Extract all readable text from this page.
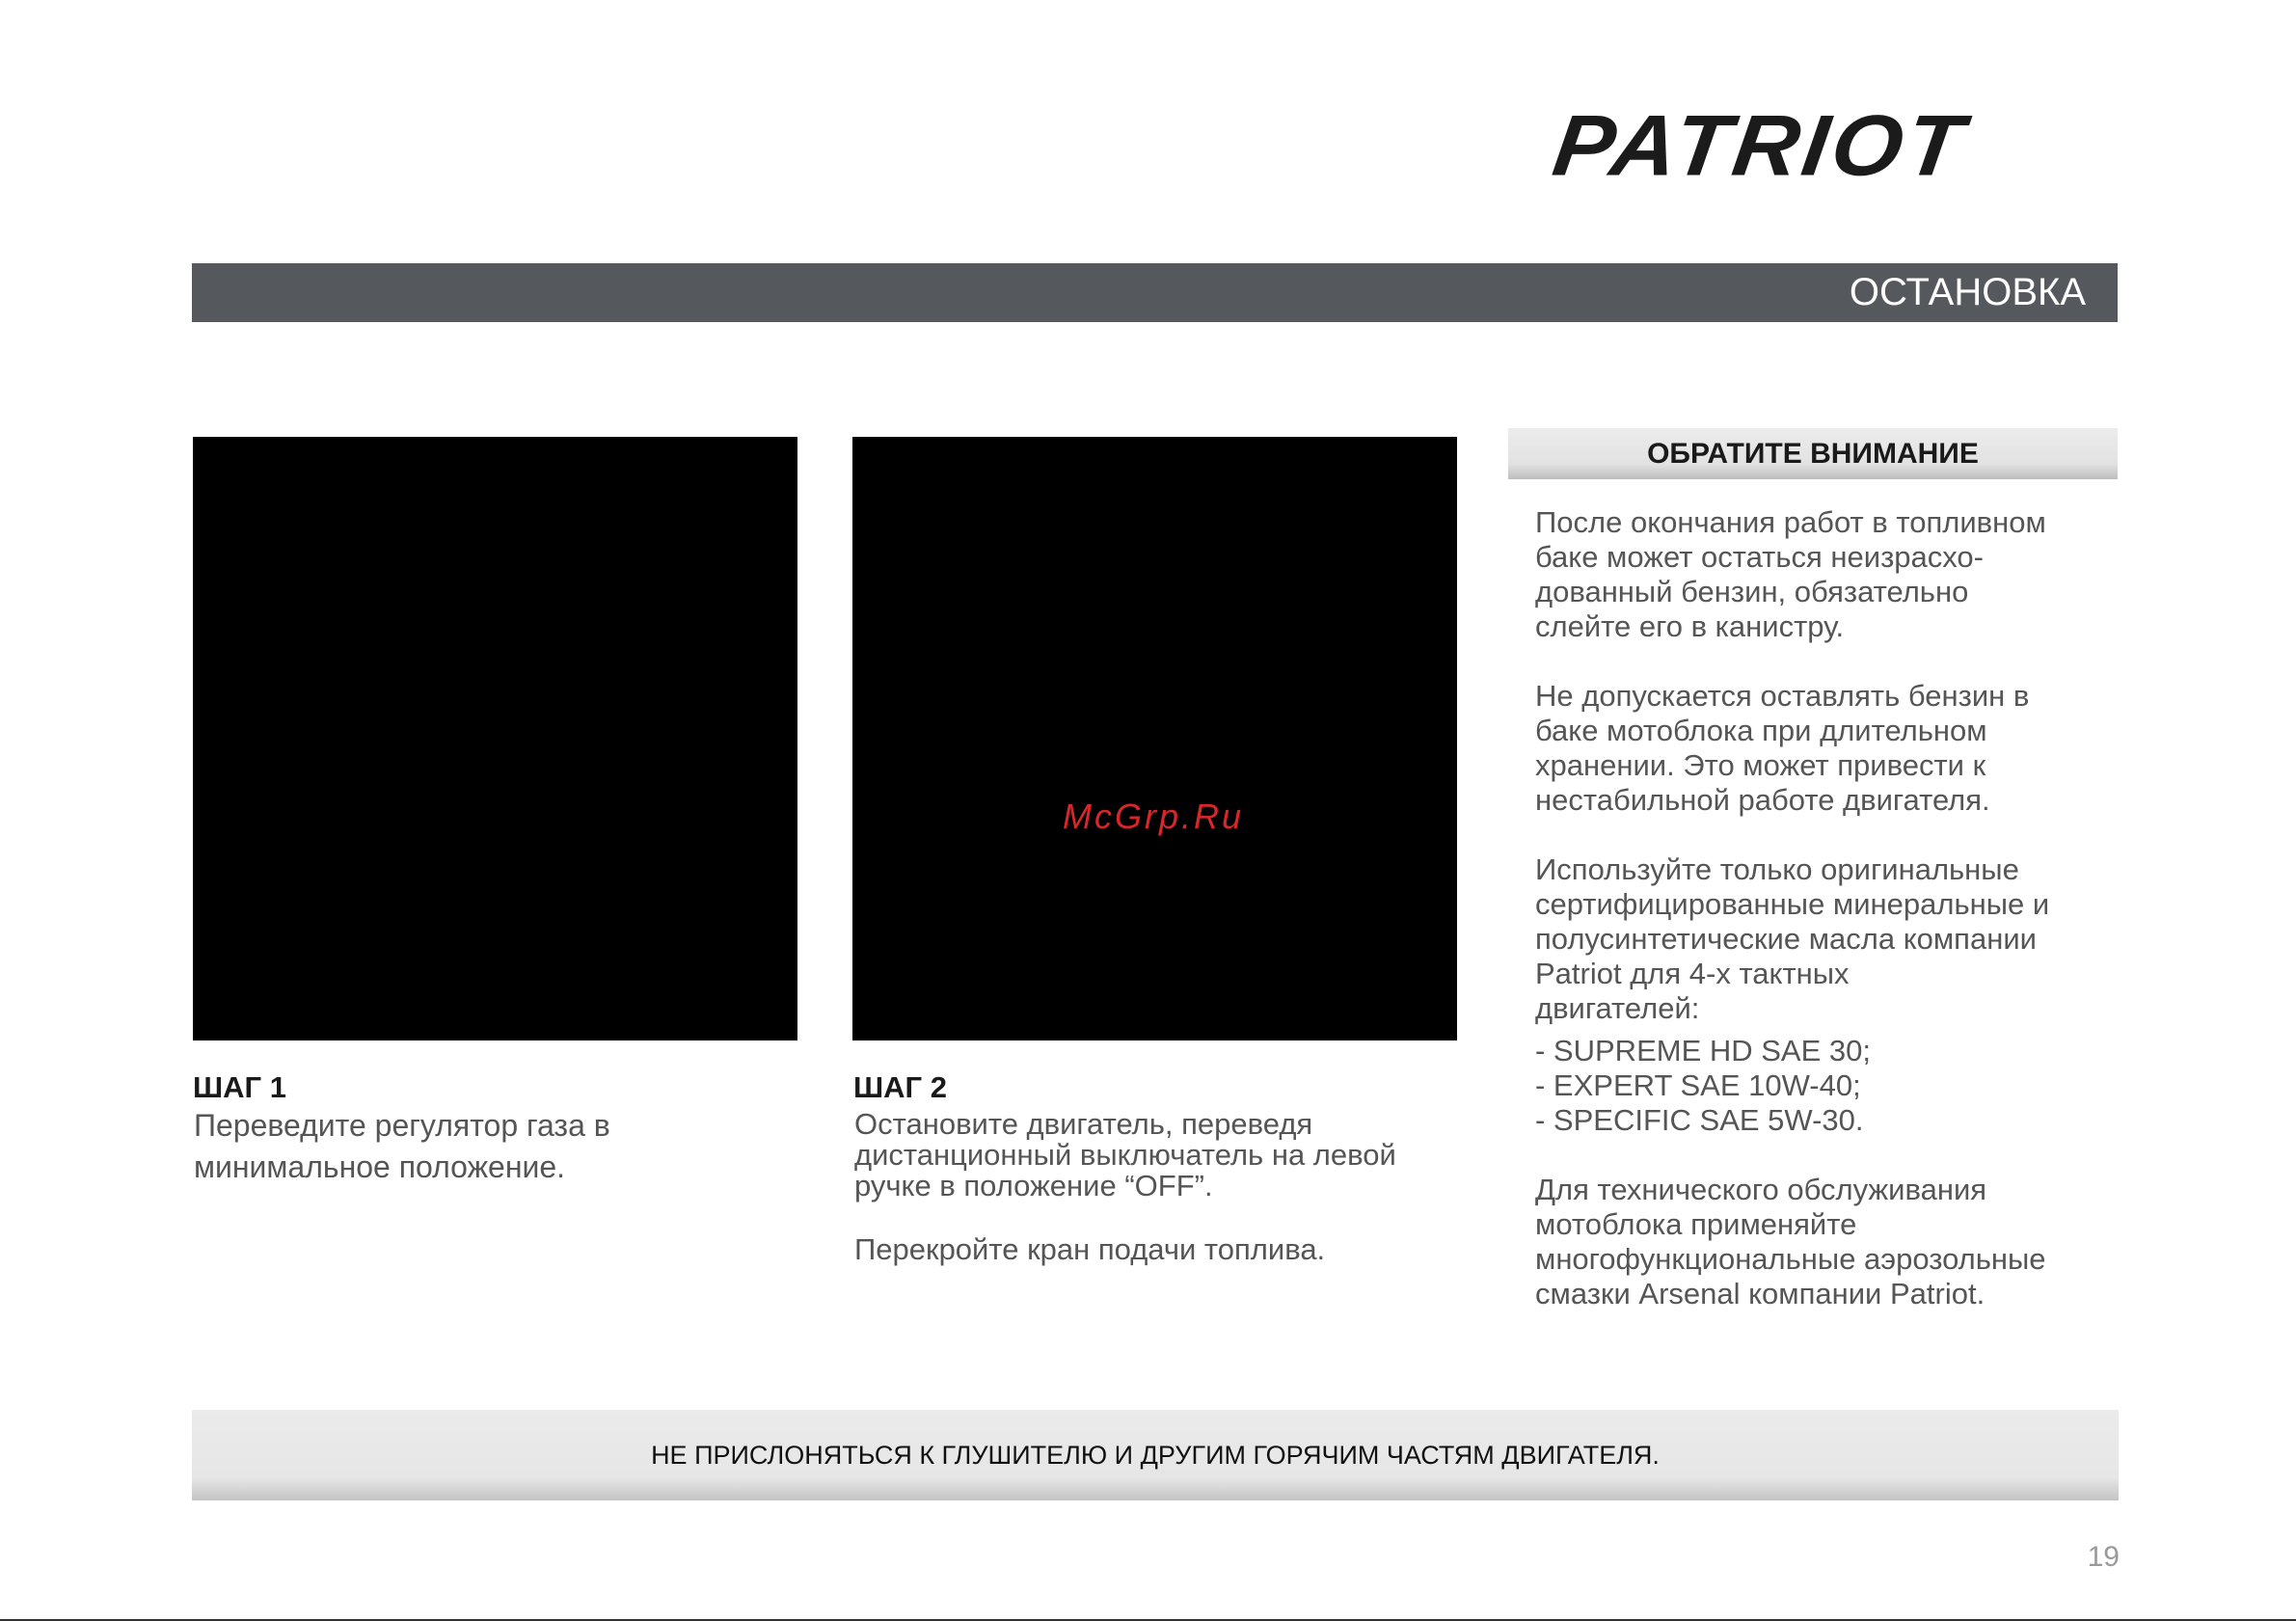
PATRIOT
ОСТАНОВКА
McGrp.Ru
ШАГ 1
Переведите регулятор газа в
минимальное положение.
ШАГ 2
Остановите двигатель, переведя
дистанционный выключатель на левой
ручке в положение “OFF”.
Перекройте кран подачи топлива.
ОБРАТИТЕ ВНИМАНИЕ

После окончания работ в топливном
баке может остаться неизрасхо-
дованный бензин, обязательно
слейте его в канистру.

Не допускается оставлять бензин в
баке мотоблока при длительном
хранении. Это может привести к
нестабильной работе двигателя.

Используйте только оригинальные
сертифицированные минеральные и
полусинтетические масла компании
Patriot для 4-х тактных
двигателей:

- SUPREME HD SAE 30;
- EXPERT SAE 10W-40;
- SPECIFIC SAE 5W-30.

Для технического обслуживания
мотоблока применяйте
многофункциональные аэрозольные
смазки Arsenal компании Patriot.

НЕ ПРИСЛОНЯТЬСЯ К ГЛУШИТЕЛЮ И ДРУГИМ ГОРЯЧИМ ЧАСТЯМ ДВИГАТЕЛЯ.
19
